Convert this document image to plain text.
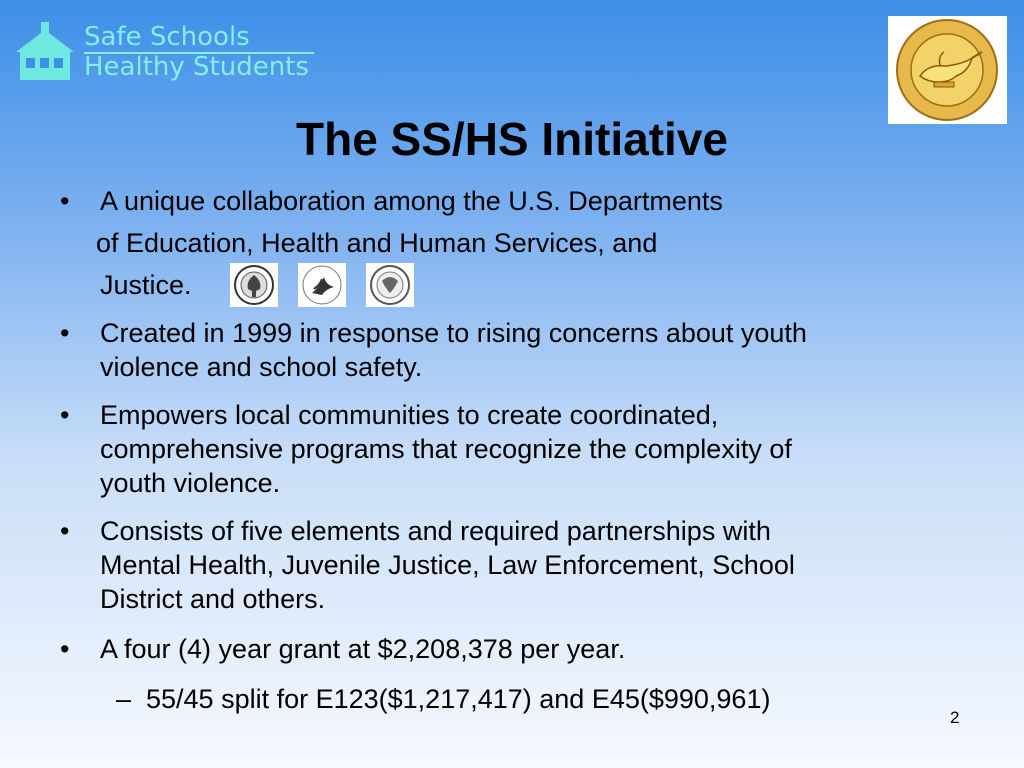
Safe Schools
Healthy Students
The SS/HS Initiative
• A unique collaboration among the U.S. Departments
of Education, Health and Human Services, and
Justice.
• Created in 1999 in response to rising concerns about youth
violence and school safety.
• Empowers local communities to create coordinated,
comprehensive programs that recognize the complexity of
youth violence.
• Consists of five elements and required partnerships with
Mental Health, Juvenile Justice, Law Enforcement, School
District and others.
• A four (4) year grant at $2,208,378 per year.
– 55/45 split for E123($1,217,417) and E45($990,961)
2
